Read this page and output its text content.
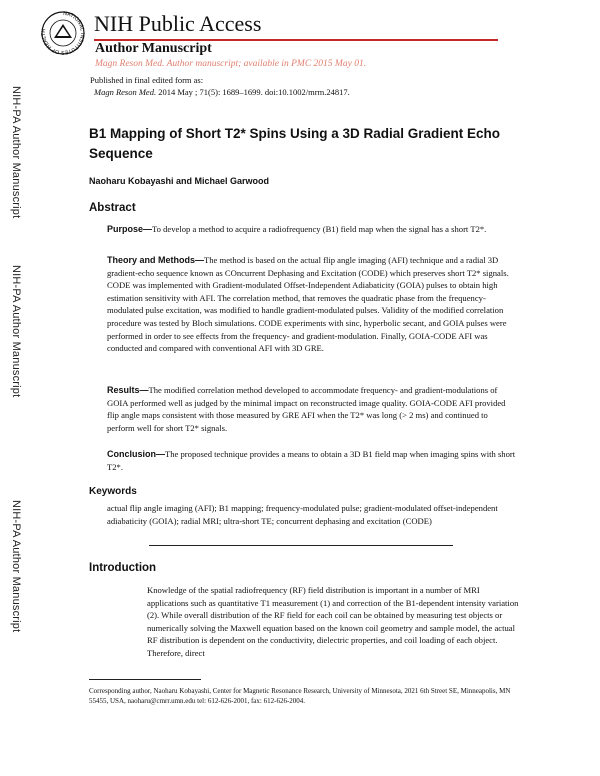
NATIONAL INSTITUTES OF HEALTH	NIH Public Access
Author Manuscript
Magn Reson Med. Author manuscript; available in PMC 2015 May 01.
Published in final edited form as:
Magn Reson Med. 2014 May ; 71(5): 1689–1699. doi:10.1002/mrm.24817.
NIH-PA Author Manuscript
NIH-PA Author Manuscript
NIH-PA Author Manuscript
B1 Mapping of Short T2* Spins Using a 3D Radial Gradient Echo Sequence
Naoharu Kobayashi and Michael Garwood
Abstract
Purpose—To develop a method to acquire a radiofrequency (B1) field map when the signal has a short T2*.
Theory and Methods—The method is based on the actual flip angle imaging (AFI) technique and a radial 3D gradient-echo sequence known as COncurrent Dephasing and Excitation (CODE) which preserves short T2* signals. CODE was implemented with Gradient-modulated Offset-Independent Adiabaticity (GOIA) pulses to obtain high estimation sensitivity with AFI. The correlation method, that removes the quadratic phase from the frequency-modulated pulse excitation, was modified to handle gradient-modulated pulses. Validity of the modified correlation procedure was tested by Bloch simulations. CODE experiments with sinc, hyperbolic secant, and GOIA pulses were performed in order to see effects from the frequency- and gradient-modulation. Finally, GOIA-CODE AFI was conducted and compared with conventional AFI with 3D GRE.
Results—The modified correlation method developed to accommodate frequency- and gradient-modulations of GOIA performed well as judged by the minimal impact on reconstructed image quality. GOIA-CODE AFI provided flip angle maps consistent with those measured by GRE AFI when the T2* was long (> 2 ms) and continued to perform well for short T2* signals.
Conclusion—The proposed technique provides a means to obtain a 3D B1 field map when imaging spins with short T2*.
Keywords
actual flip angle imaging (AFI); B1 mapping; frequency-modulated pulse; gradient-modulated offset-independent adiabaticity (GOIA); radial MRI; ultra-short TE; concurrent dephasing and excitation (CODE)
Introduction
Knowledge of the spatial radiofrequency (RF) field distribution is important in a number of MRI applications such as quantitative T1 measurement (1) and correction of the B1-dependent intensity variation (2). While overall distribution of the RF field for each coil can be obtained by measuring test objects or numerically solving the Maxwell equation based on the known coil geometry and sample model, the actual RF distribution is dependent on the conductivity, dielectric properties, and coil loading of each object. Therefore, direct
Corresponding author, Naoharu Kobayashi, Center for Magnetic Resonance Research, University of Minnesota, 2021 6th Street SE, Minneapolis, MN 55455, USA, naoharu@cmrr.umn.edu tel: 612-626-2001, fax: 612-626-2004.
